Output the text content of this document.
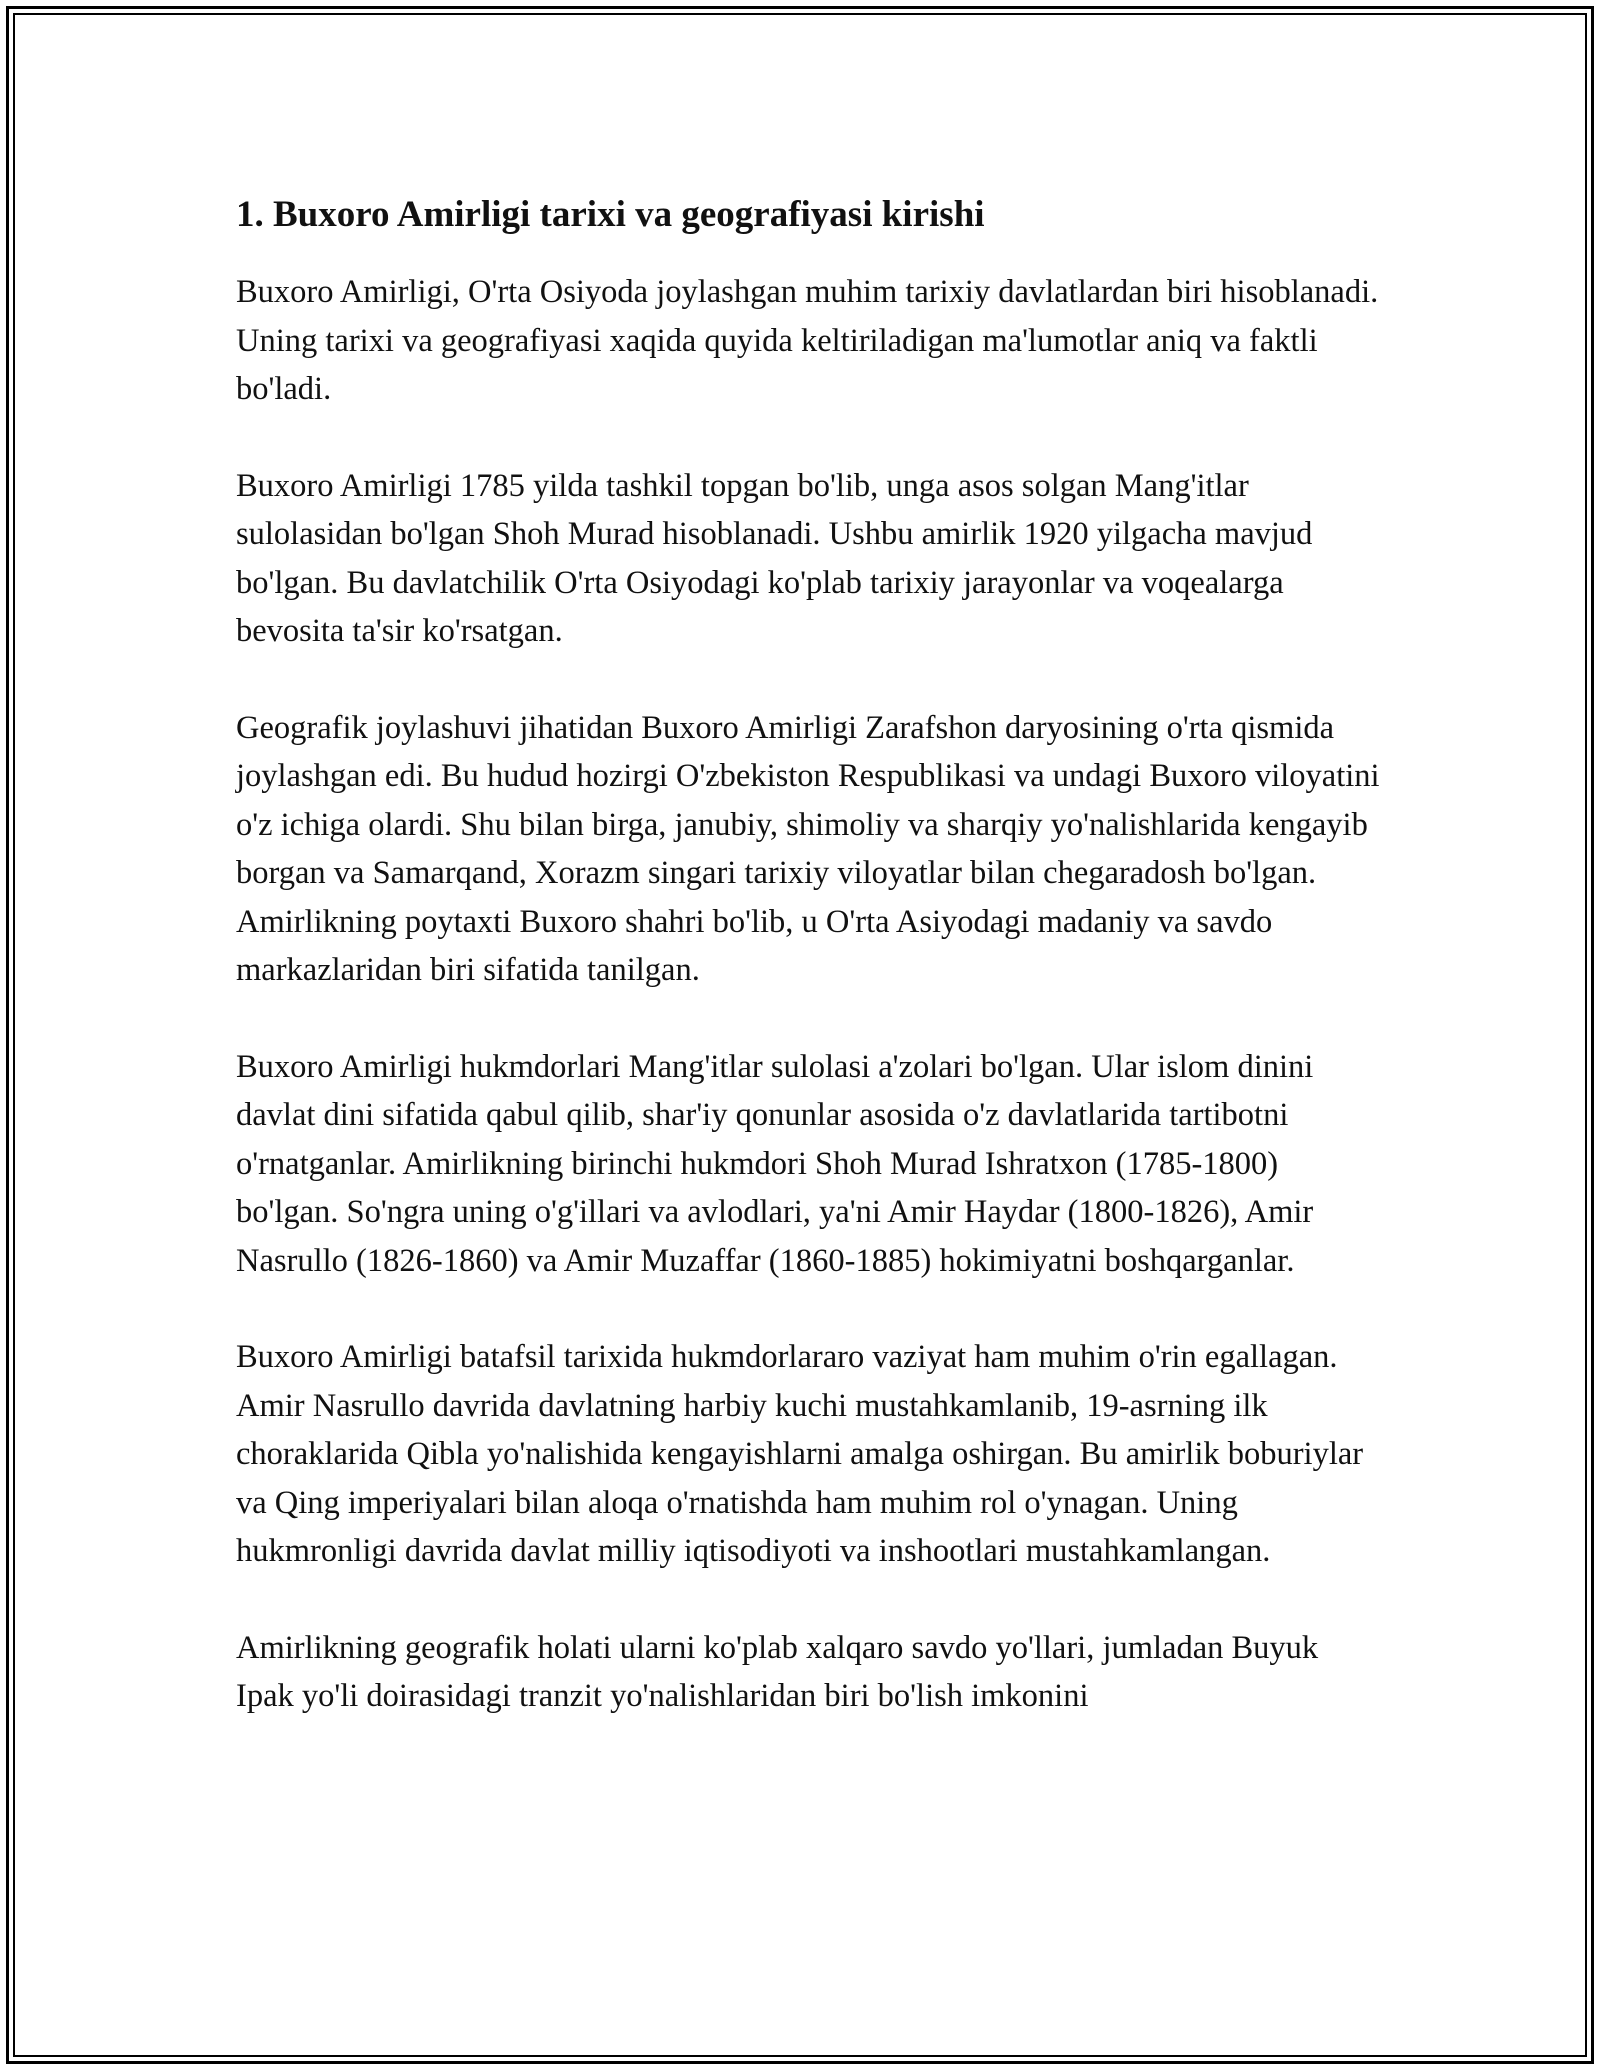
1. Buxoro Amirligi tarixi va geografiyasi kirishi

Buxoro Amirligi, O'rta Osiyoda joylashgan muhim tarixiy davlatlardan biri hisoblanadi. Uning tarixi va geografiyasi xaqida quyida keltiriladigan ma'lumotlar aniq va faktli bo'ladi.

Buxoro Amirligi 1785 yilda tashkil topgan bo'lib, unga asos solgan Mang'itlar sulolasidan bo'lgan Shoh Murad hisoblanadi. Ushbu amirlik 1920 yilgacha mavjud bo'lgan. Bu davlatchilik O'rta Osiyodagi ko'plab tarixiy jarayonlar va voqealarga bevosita ta'sir ko'rsatgan.

Geografik joylashuvi jihatidan Buxoro Amirligi Zarafshon daryosining o'rta qismida joylashgan edi. Bu hudud hozirgi O'zbekiston Respublikasi va undagi Buxoro viloyatini o'z ichiga olardi. Shu bilan birga, janubiy, shimoliy va sharqiy yo'nalishlarida kengayib borgan va Samarqand, Xorazm singari tarixiy viloyatlar bilan chegaradosh bo'lgan. Amirlikning poytaxti Buxoro shahri bo'lib, u O'rta Asiyodagi madaniy va savdo markazlaridan biri sifatida tanilgan.

Buxoro Amirligi hukmdorlari Mang'itlar sulolasi a'zolari bo'lgan. Ular islom dinini davlat dini sifatida qabul qilib, shar'iy qonunlar asosida o'z davlatlarida tartibotni o'rnatganlar. Amirlikning birinchi hukmdori Shoh Murad Ishratxon (1785-1800) bo'lgan. So'ngra uning o'g'illari va avlodlari, ya'ni Amir Haydar (1800-1826), Amir Nasrullo (1826-1860) va Amir Muzaffar (1860-1885) hokimiyatni boshqarganlar.

Buxoro Amirligi batafsil tarixida hukmdorlararo vaziyat ham muhim o'rin egallagan. Amir Nasrullo davrida davlatning harbiy kuchi mustahkamlanib, 19-asrning ilk choraklarida Qibla yo'nalishida kengayishlarni amalga oshirgan. Bu amirlik boburiylar va Qing imperiyalari bilan aloqa o'rnatishda ham muhim rol o'ynagan. Uning hukmronligi davrida davlat milliy iqtisodiyoti va inshootlari mustahkamlangan.

Amirlikning geografik holati ularni ko'plab xalqaro savdo yo'llari, jumladan Buyuk Ipak yo'li doirasidagi tranzit yo'nalishlaridan biri bo'lish imkonini
